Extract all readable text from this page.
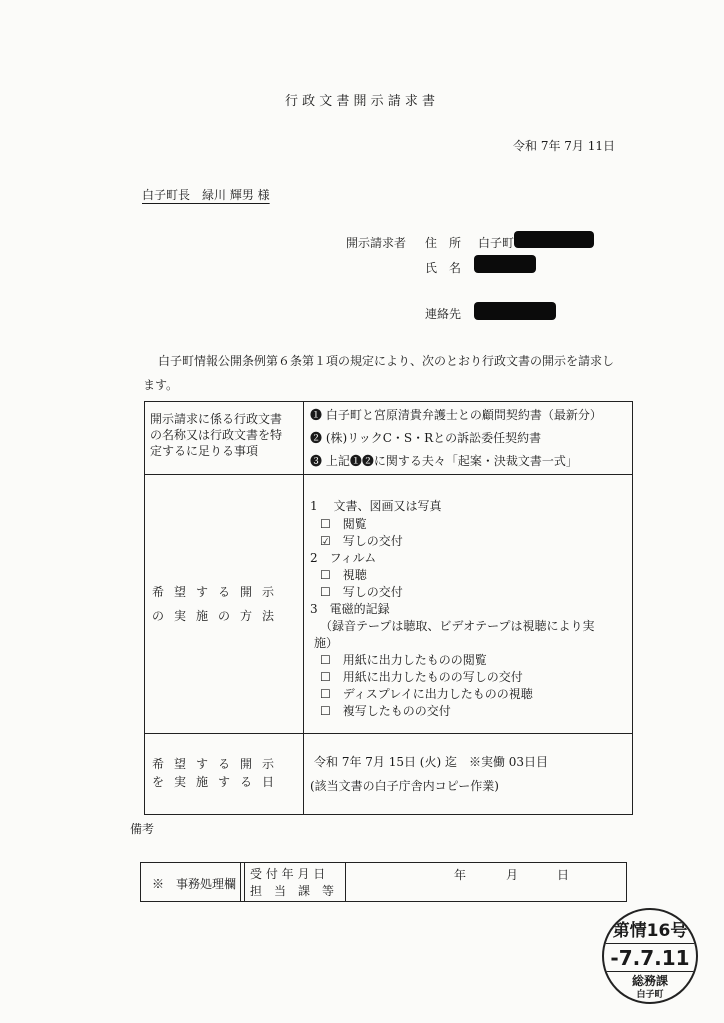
行 政 文 書 開 示 請 求 書
令和 7年 7月 11日
白子町長　緑川 輝男 様
開示請求者 住　所 白子町
氏　名
連絡先
白子町情報公開条例第６条第１項の規定により、次のとおり行政文書の開示を請求し
ます。
開示請求に係る行政文書
の名称又は行政文書を特
定するに足りる事項
❶ 白子町と宮原清貴弁護士との顧問契約書（最新分）
❷ (株)リックC・S・Rとの訴訟委任契約書
❸ 上記❶❷に関する夫々「起案・決裁文書一式」
希望する開示
の実施の方法
1　 文書、図画又は写真
☐　閲覧
☑　写しの交付
2　フィルム
☐　視聴
☐　写しの交付
3　電磁的記録
（録音テープは聴取、ビデオテープは視聴により実
施）
☐　用紙に出力したものの閲覧
☐　用紙に出力したものの写しの交付
☐　ディスプレイに出力したものの視聴
☐　複写したものの交付
希望する開示
を実施する日
令和 7年 7月 15日 (火) 迄　※実働 03日目
(該当文書の白子庁舎内コピー作業)
備考
※　事務処理欄
受 付 年 月 日
担　当　課　等
年	月	日
第情16号
-7.7.11
総務課
白子町
